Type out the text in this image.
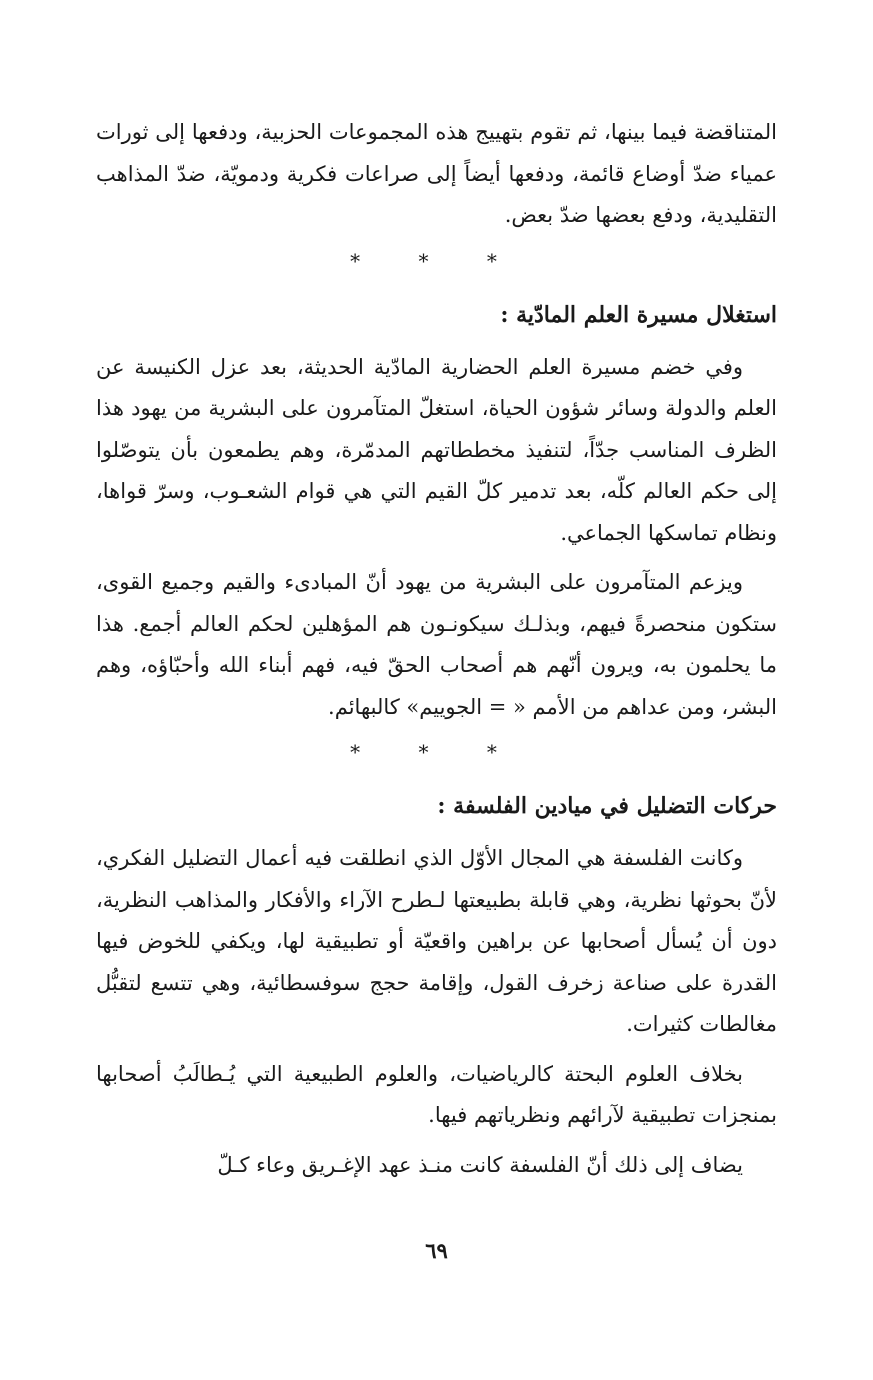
المتناقضة فيما بينها، ثم تقوم بتهييج هذه المجموعات الحزبية، ودفعها إلى ثورات عمياء ضدّ أوضاع قائمة، ودفعها أيضاً إلى صراعات فكرية ودمويّة، ضدّ المذاهب التقليدية، ودفع بعضها ضدّ بعض.

* * *
استغلال مسيرة العلم المادّية :

وفي خضم مسيرة العلم الحضارية المادّية الحديثة، بعد عزل الكنيسة عن العلم والدولة وسائر شؤون الحياة، استغلّ المتآمرون على البشرية من يهود هذا الظرف المناسب جدّاً، لتنفيذ مخططاتهم المدمّرة، وهم يطمعون بأن يتوصّلوا إلى حكم العالم كلّه، بعد تدمير كلّ القيم التي هي قوام الشعـوب، وسرّ قواها، ونظام تماسكها الجماعي.

ويزعم المتآمرون على البشرية من يهود أنّ المبادىء والقيم وجميع القوى، ستكون منحصرةً فيهم، وبذلـك سيكونـون هم المؤهلين لحكم العالم أجمع. هذا ما يحلمون به، ويرون أنّهم هم أصحاب الحقّ فيه، فهم أبناء الله وأحبّاؤه، وهم البشر، ومن عداهم من الأمم « = الجوييم» كالبهائم.

* * *
حركات التضليل في ميادين الفلسفة :

وكانت الفلسفة هي المجال الأوّل الذي انطلقت فيه أعمال التضليل الفكري، لأنّ بحوثها نظرية، وهي قابلة بطبيعتها لـطرح الآراء والأفكار والمذاهب النظرية، دون أن يُسأل أصحابها عن براهين واقعيّة أو تطبيقية لها، ويكفي للخوض فيها القدرة على صناعة زخرف القول، وإقامة حجج سوفسطائية، وهي تتسع لتقبُّل مغالطات كثيرات.

بخلاف العلوم البحتة كالرياضيات، والعلوم الطبيعية التي يُـطالَبُ أصحابها بمنجزات تطبيقية لآرائهم ونظرياتهم فيها.

يضاف إلى ذلك أنّ الفلسفة كانت منـذ عهد الإغـريق وعاء كـلّ

٦٩
